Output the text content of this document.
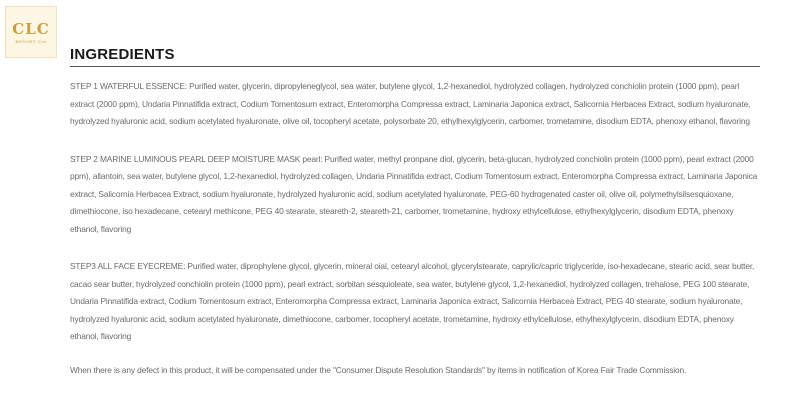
CLC
RESORT Cos
INGREDIENTS

STEP 1 WATERFUL ESSENCE: Purified water, glycerin, dipropyleneglycol, sea water, butylene glycol, 1,2-hexanediol, hydrolyzed collagen, hydrolyzed conchiolin protein (1000 ppm), pearl extract (2000 ppm), Undaria Pinnatifida extract, Codium Tomentosum extract, Enteromorpha Compressa extract, Laminaria Japonica extract, Salicornia Herbacea Extract, sodium hyaluronate, hydrolyzed hyaluronic acid, sodium acetylated hyaluronate, olive oil, tocopheryl acetate, polysorbate 20, ethylhexylglycerin, carbomer, trometamine, disodium EDTA, phenoxy ethanol, flavoring

STEP 2 MARINE LUMINOUS PEARL DEEP MOISTURE MASK pearl: Purified water, methyl pronpane diol, glycerin, beta-glucan, hydrolyzed conchiolin protein (1000 ppm), pearl extract (2000 ppm), allantoin, sea water, butylene glycol, 1,2-hexanediol, hydrolyzed collagen, Undaria Pinnatifida extract, Codium Tomentosum extract, Enteromorpha Compressa extract, Laminaria Japonica extract, Salicornia Herbacea Extract, sodium hyaluronate, hydrolyzed hyaluronic acid, sodium acetylated hyaluronate, PEG-60 hydrogenated caster oil, olive oil, polymethylsilsesquioxane, dimethiocone, iso hexadecane, cetearyl methicone, PEG 40 stearate, steareth-2, steareth-21, carbomer, trometamine, hydroxy ethylcellulose, ethylhexylglycerin, disodium EDTA, phenoxy ethanol, flavoring

STEP3 ALL FACE EYECREME: Purified water, diprophylene glycol, glycerin, mineral oial, cetearyl alcohol, glycerylstearate, caprylic/capric triglyceride, iso-hexadecane, stearic acid, sear butter, cacao sear butter, hydrolyzed conchiolin protein (1000 ppm), pearl extract, sorbitan sesquioleate, sea water, butylene glycol, 1,2-hexanediol, hydrolyzed collagen, trehalose, PEG 100 stearate, Undaria Pinnatifida extract, Codium Tomentosum extract, Enteromorpha Compressa extract, Laminaria Japonica extract, Salicornia Herbacea Extract, PEG 40 stearate, sodium hyaluronate, hydrolyzed hyaluronic acid, sodium acetylated hyaluronate, dimethiocone, carbomer, tocopheryl acetate, trometamine, hydroxy ethylcellulose, ethylhexylglycerin, disodium EDTA, phenoxy ethanol, flavoring

When there is any defect in this product, it will be compensated under the "Consumer Dispute Resolution Standards" by items in notification of Korea Fair Trade Commission.
